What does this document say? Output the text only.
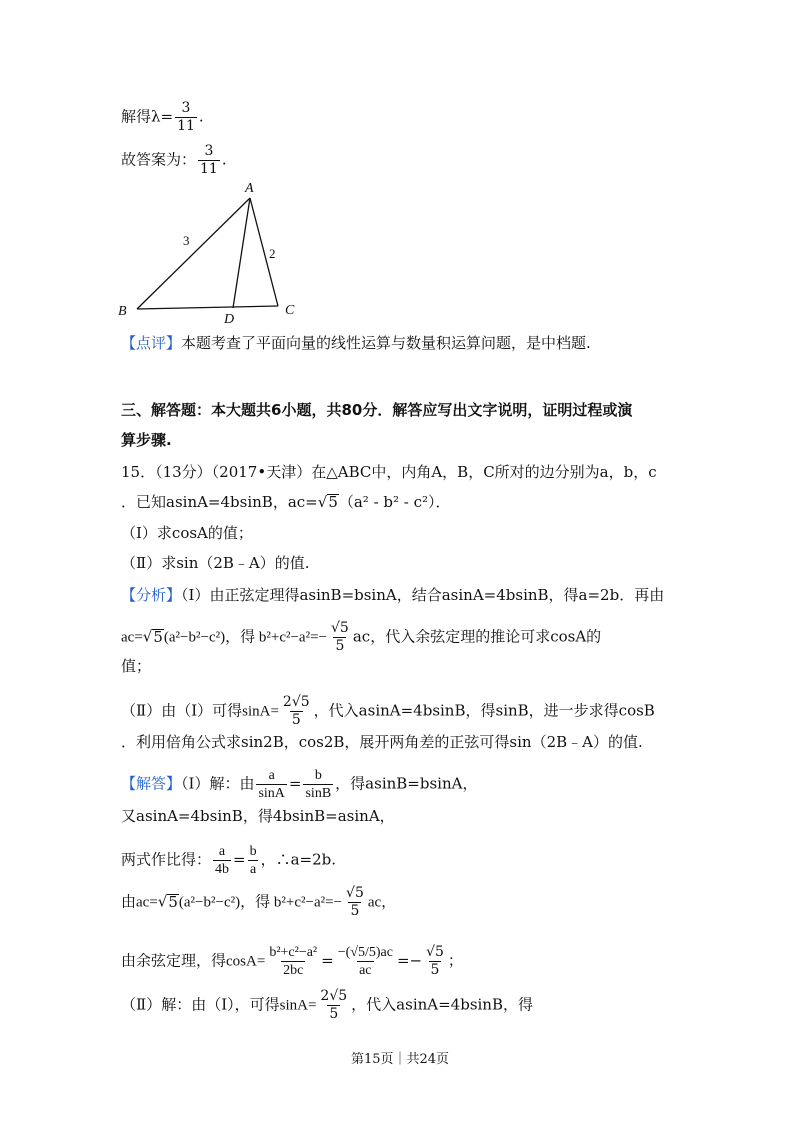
解得$\lambda= \frac{3}{11}$ .
故答案为： $\frac{3}{11}$ .
A
B	C
D
3
2
【点评】本题考查了平面向量的线性运算与数量积运算问题，是中档题.
三、解答题：本大题共6小题，共80分．解答应写出文字说明，证明过程或演
算步骤.
15．（13分）（2017•天津）在△ABC中，内角A，B，C所对的边分别为a，b，c
．已知asinA=4bsinB，ac=√5（a² - b² - c²）．
（Ⅰ）求cosA的值；
（Ⅱ）求sin（2B﹣A）的值.
【分析】（Ⅰ）由正弦定理得asinB=bsinA，结合asinA=4bsinB，得a=2b．再由
ac=√5(a²−b²−c²)，得 $b^2+c^2-a^2=- \frac{√5}{5}$ ac，代入余弦定理的推论可求cosA的
值；
（Ⅱ）由（Ⅰ）可得$\sin A= \frac{2√5}{5}$ ，代入asinA=4bsinB，得sinB，进一步求得cosB
．利用倍角公式求sin2B，cos2B，展开两角差的正弦可得sin（2B﹣A）的值.
【解答】（Ⅰ）解：由 $\frac{a}{\sin A} = \frac{b}{\sin B}$ ，得asinB=bsinA，
又asinA=4bsinB，得4bsinB=asinA，
两式作比得： $\frac{a}{4b} = \frac{b}{a}$ ，∴a=2b.
由ac=√5(a²−b²−c²)，得 $b^2+c^2-a^2=- \frac{√5}{5}$ ac，
由余弦定理，得$\cos A= \frac{\text{b²+c²−a²}}{2bc} = \frac{-(√5/5)ac}{ac} =- \frac{√5}{5}$ ；
（Ⅱ）解：由（Ⅰ），可得$\sin A= \frac{2√5}{5}$ ，代入asinA=4bsinB，得
第15页｜共24页
